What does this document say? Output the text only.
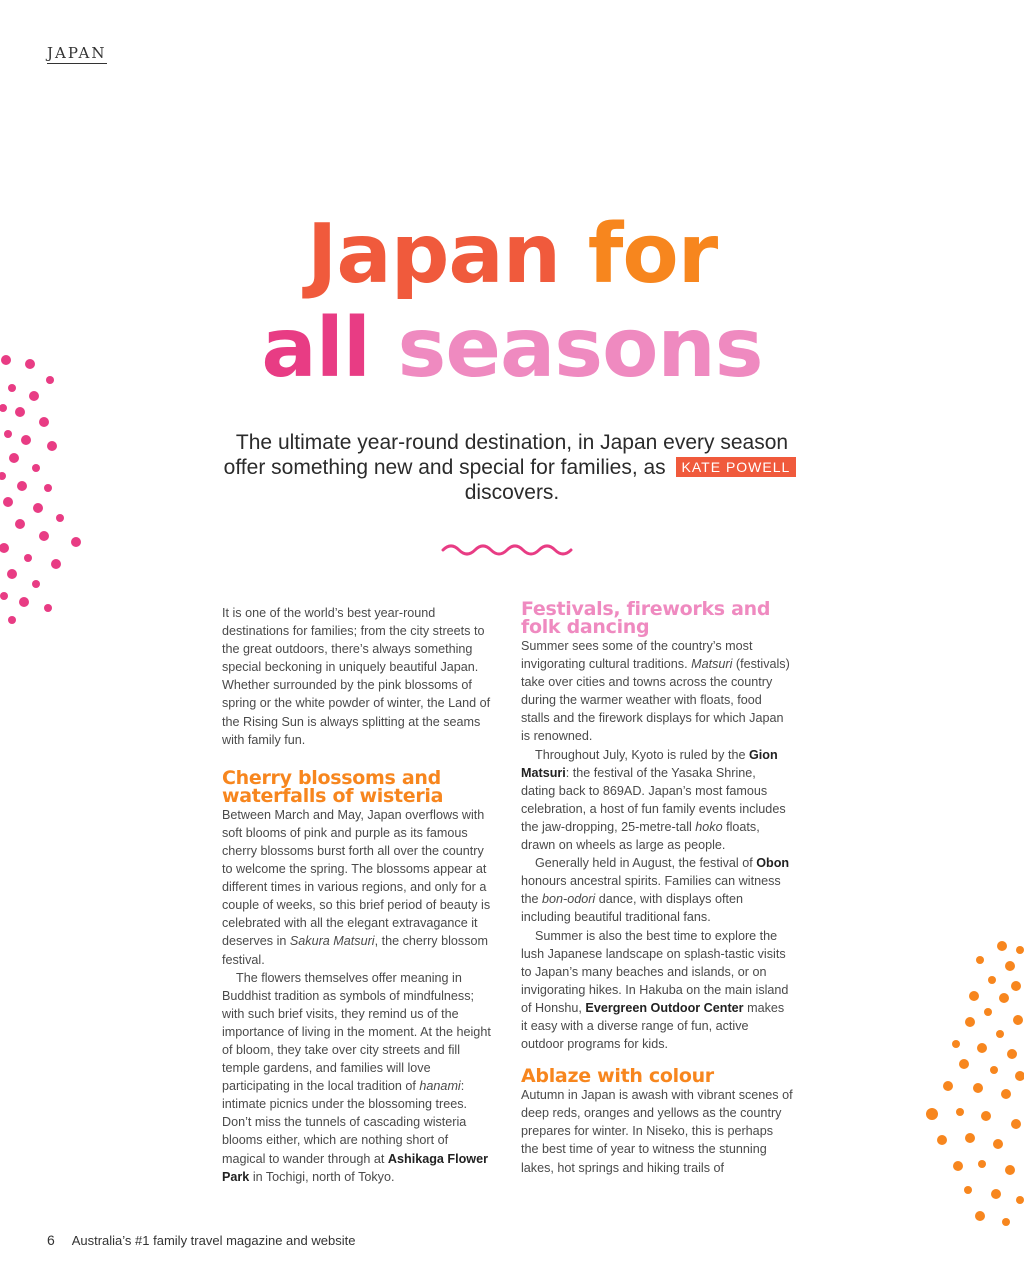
JAPAN
Japan for
all seasons
The ultimate year-round destination, in Japan every season offer something new and special for families, as KATE POWELL discovers.

It is one of the world’s best year-round destinations for families; from the city streets to the great outdoors, there’s always something special beckoning in uniquely beautiful Japan. Whether surrounded by the pink blossoms of spring or the white powder of winter, the Land of the Rising Sun is always splitting at the seams with family fun.

Cherry blossoms and waterfalls of wisteria

Between March and May, Japan overflows with soft blooms of pink and purple as its famous cherry blossoms burst forth all over the country to welcome the spring. The blossoms appear at different times in various regions, and only for a couple of weeks, so this brief period of beauty is celebrated with all the elegant extravagance it deserves in Sakura Matsuri, the cherry blossom festival.

The flowers themselves offer meaning in Buddhist tradition as symbols of mindfulness; with such brief visits, they remind us of the importance of living in the moment. At the height of bloom, they take over city streets and fill temple gardens, and families will love participating in the local tradition of hanami: intimate picnics under the blossoming trees. Don’t miss the tunnels of cascading wisteria blooms either, which are nothing short of magical to wander through at Ashikaga Flower Park in Tochigi, north of Tokyo.

Festivals, fireworks and folk dancing

Summer sees some of the country’s most invigorating cultural traditions. Matsuri (festivals) take over cities and towns across the country during the warmer weather with floats, food stalls and the firework displays for which Japan is renowned.

Throughout July, Kyoto is ruled by the Gion Matsuri: the festival of the Yasaka Shrine, dating back to 869AD. Japan’s most famous celebration, a host of fun family events includes the jaw-dropping, 25-metre-tall hoko floats, drawn on wheels as large as people.

Generally held in August, the festival of Obon honours ancestral spirits. Families can witness the bon-odori dance, with displays often including beautiful traditional fans.

Summer is also the best time to explore the lush Japanese landscape on splash-tastic visits to Japan’s many beaches and islands, or on invigorating hikes. In Hakuba on the main island of Honshu, Evergreen Outdoor Center makes it easy with a diverse range of fun, active outdoor programs for kids.

Ablaze with colour

Autumn in Japan is awash with vibrant scenes of deep reds, oranges and yellows as the country prepares for winter. In Niseko, this is perhaps the best time of year to witness the stunning lakes, hot springs and hiking trails of

6 Australia’s #1 family travel magazine and website
